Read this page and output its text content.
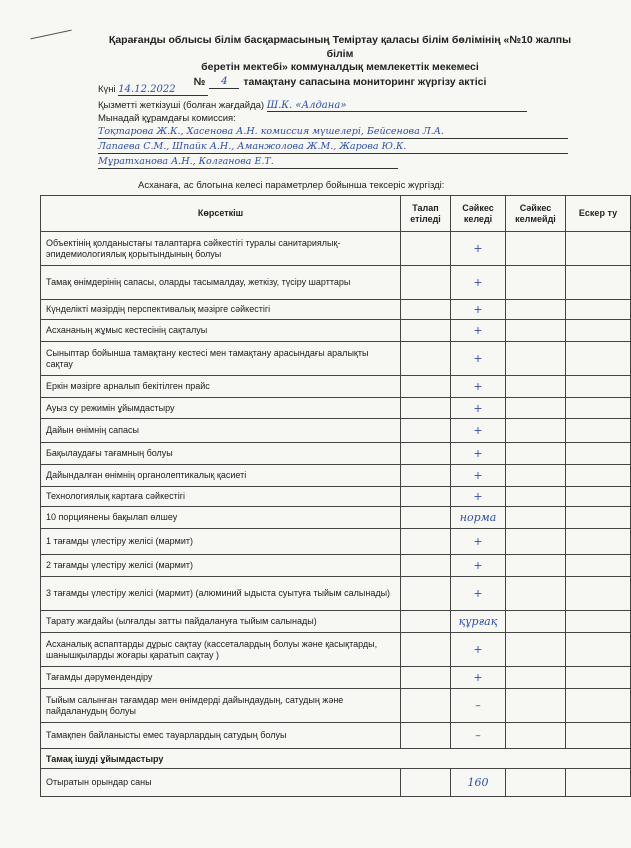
Қарағанды облысы білім басқармасының Теміртау қаласы білім бөлімінің «№10 жалпы білім
беретін мектебі» коммуналдық мемлекеттік мекемесі
№	4	тамақтану сапасына мониторинг жүргізу актісі
Күні 14.12.2022
Қызметті жеткізуші (болған жағдайда) Ш.К. «Алдана»
Мынадай құрамдағы комиссия:
Тоқтарова Ж.К., Хасенова А.Н. комиссия мүшелері, Бейсенова Л.А.
Лапаева С.М., Шпайк А.Н., Аманжолова Ж.М., Жарова Ю.К.
Мұратханова А.Н., Колганова Е.Т.
Асханаға, ас блогына келесі параметрлер бойынша тексеріс жүргізді:
Көрсеткіш	Талап етіледі	Сәйкес келеді	Сәйкес келмейді	Ескер ту
Объектінің қолданыстағы талаптарға сәйкестігі туралы санитариялық-эпидемиологиялық қорытындының болуы		+		
Тамақ өнімдерінің сапасы, оларды тасымалдау, жеткізу, түсіру шарттары		+		
Күнделікті мәзірдің перспективалық мәзірге сәйкестігі		+		
Асхананың жұмыс кестесінің сақталуы		+		
Сыныптар бойынша тамақтану кестесі мен тамақтану арасындағы аралықты сақтау		+		
Еркін мәзірге арналып бекітілген прайс		+		
Ауыз су режимін ұйымдастыру		+		
Дайын өнімнің сапасы		+		
Бақылаудағы тағамның болуы		+		
Дайындалған өнімнің органолептикалық қасиеті		+		
Технологиялық картаға сәйкестігі		+		
10 порциянены бақылап өлшеу		норма		
1 тағамды үлестіру желісі (мармит)		+		
2 тағамды үлестіру желісі (мармит)		+		
3 тағамды үлестіру желісі (мармит) (алюминий ыдыста суытуға тыйым салынады)		+		
Тарату жағдайы (ылғалды затты пайдалануға тыйым салынады)		құрғақ		
Асханалық аспаптарды дұрыс сақтау (кассеталардың болуы және қасықтарды, шанышқыларды жоғары қаратып сақтау )		+		
Тағамды дәрумендендіру		+		
Тыйым салынған тағамдар мен өнімдерді дайындаудың, сатудың және пайдаланудың болуы		–		
Тамақпен байланысты емес тауарлардың сатудың болуы		–		
Тамақ ішуді ұйымдастыру				
Отыратын орындар саны		160		
